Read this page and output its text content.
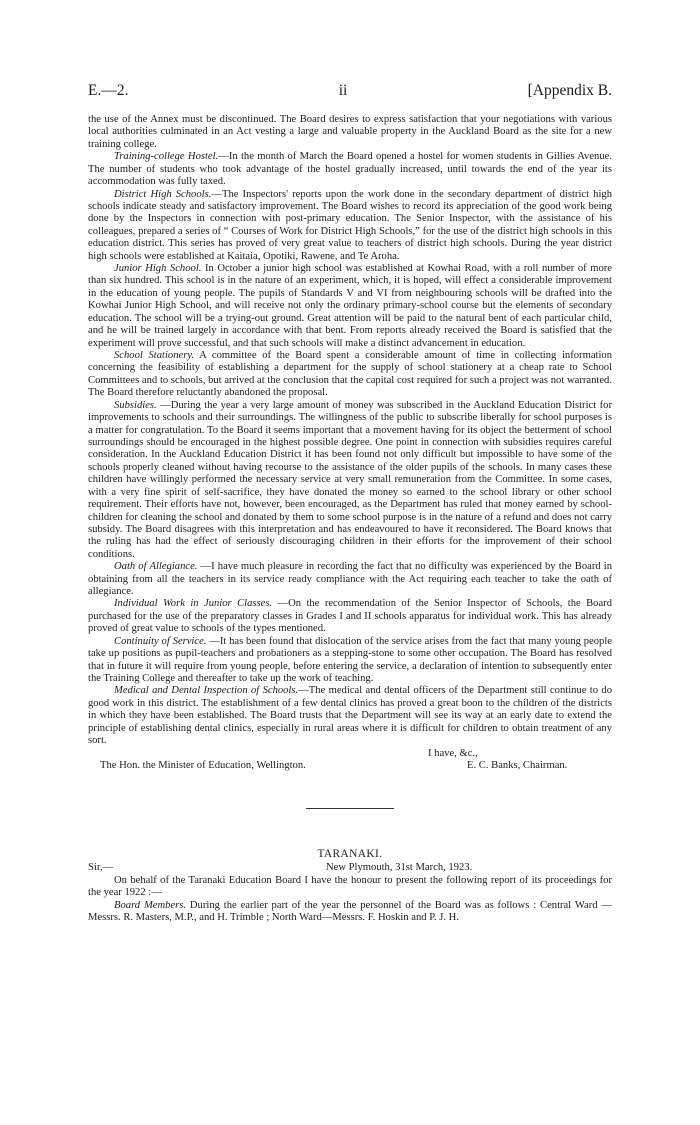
E.—2.	ii	[Appendix B.

the use of the Annex must be discontinued. The Board desires to express satisfaction that your negotiations with various local authorities culminated in an Act vesting a large and valuable property in the Auckland Board as the site for a new training college.

Training-college Hostel.—In the month of March the Board opened a hostel for women students in Gillies Avenue. The number of students who took advantage of the hostel gradually increased, until towards the end of the year its accommodation was fully taxed.

District High Schools.—The Inspectors' reports upon the work done in the secondary department of district high schools indicate steady and satisfactory improvement. The Board wishes to record its appreciation of the good work being done by the Inspectors in connection with post-primary education. The Senior Inspector, with the assistance of his colleagues, prepared a series of “ Courses of Work for District High Schools,” for the use of the district high schools in this education district. This series has proved of very great value to teachers of district high schools. During the year district high schools were established at Kaitaia, Opotiki, Rawene, and Te Aroha.

Junior High School. In October a junior high school was established at Kowhai Road, with a roll number of more than six hundred. This school is in the nature of an experiment, which, it is hoped, will effect a considerable improvement in the education of young people. The pupils of Standards V and VI from neighbouring schools will be drafted into the Kowhai Junior High School, and will receive not only the ordinary primary-school course but the elements of secondary education. The school will be a trying-out ground. Great attention will be paid to the natural bent of each particular child, and he will be trained largely in accordance with that bent. From reports already received the Board is satisfied that the experiment will prove successful, and that such schools will make a distinct advancement in education.

School Stationery. A committee of the Board spent a considerable amount of time in collecting information concerning the feasibility of establishing a department for the supply of school stationery at a cheap rate to School Committees and to schools, but arrived at the conclusion that the capital cost required for such a project was not warranted. The Board therefore reluctantly abandoned the proposal.

Subsidies. —During the year a very large amount of money was subscribed in the Auckland Education District for improvements to schools and their surroundings. The willingness of the public to subscribe liberally for school purposes is a matter for congratulation. To the Board it seems important that a movement having for its object the betterment of school surroundings should be encouraged in the highest possible degree. One point in connection with subsidies requires careful consideration. In the Auckland Education District it has been found not only difficult but impossible to have some of the schools properly cleaned without having recourse to the assistance of the older pupils of the schools. In many cases these children have willingly performed the necessary service at very small remuneration from the Committee. In some cases, with a very fine spirit of self-sacrifice, they have donated the money so earned to the school library or other school requirement. Their efforts have not, however, been encouraged, as the Department has ruled that money earned by school-children for cleaning the school and donated by them to some school purpose is in the nature of a refund and does not carry subsidy. The Board disagrees with this interpretation and has endeavoured to have it reconsidered. The Board knows that the ruling has had the effect of seriously discouraging children in their efforts for the improvement of their school conditions.

Oath of Allegiance. —I have much pleasure in recording the fact that no difficulty was experienced by the Board in obtaining from all the teachers in its service ready compliance with the Act requiring each teacher to take the oath of allegiance.

Individual Work in Junior Classes. —On the recommendation of the Senior Inspector of Schools, the Board purchased for the use of the preparatory classes in Grades I and II schools apparatus for individual work. This has already proved of great value to schools of the types mentioned.

Continuity of Service. —It has been found that dislocation of the service arises from the fact that many young people take up positions as pupil-teachers and probationers as a stepping-stone to some other occupation. The Board has resolved that in future it will require from young people, before entering the service, a declaration of intention to subsequently enter the Training College and thereafter to take up the work of teaching.

Medical and Dental Inspection of Schools.—The medical and dental officers of the Department still continue to do good work in this district. The establishment of a few dental clinics has proved a great boon to the children of the districts in which they have been established. The Board trusts that the Department will see its way at an early date to extend the principle of establishing dental clinics, especially in rural areas where it is difficult for children to obtain treatment of any sort.

I have, &c.,
The Hon. the Minister of Education, Wellington.	E. C. Banks, Chairman.
TARANAKI.
Sir,—	New Plymouth, 31st March, 1923.

On behalf of the Taranaki Education Board I have the honour to present the following report of its proceedings for the year 1922 :—

Board Members. During the earlier part of the year the personnel of the Board was as follows : Central Ward —Messrs. R. Masters, M.P., and H. Trimble ; North Ward—Messrs. F. Hoskin and P. J. H.
